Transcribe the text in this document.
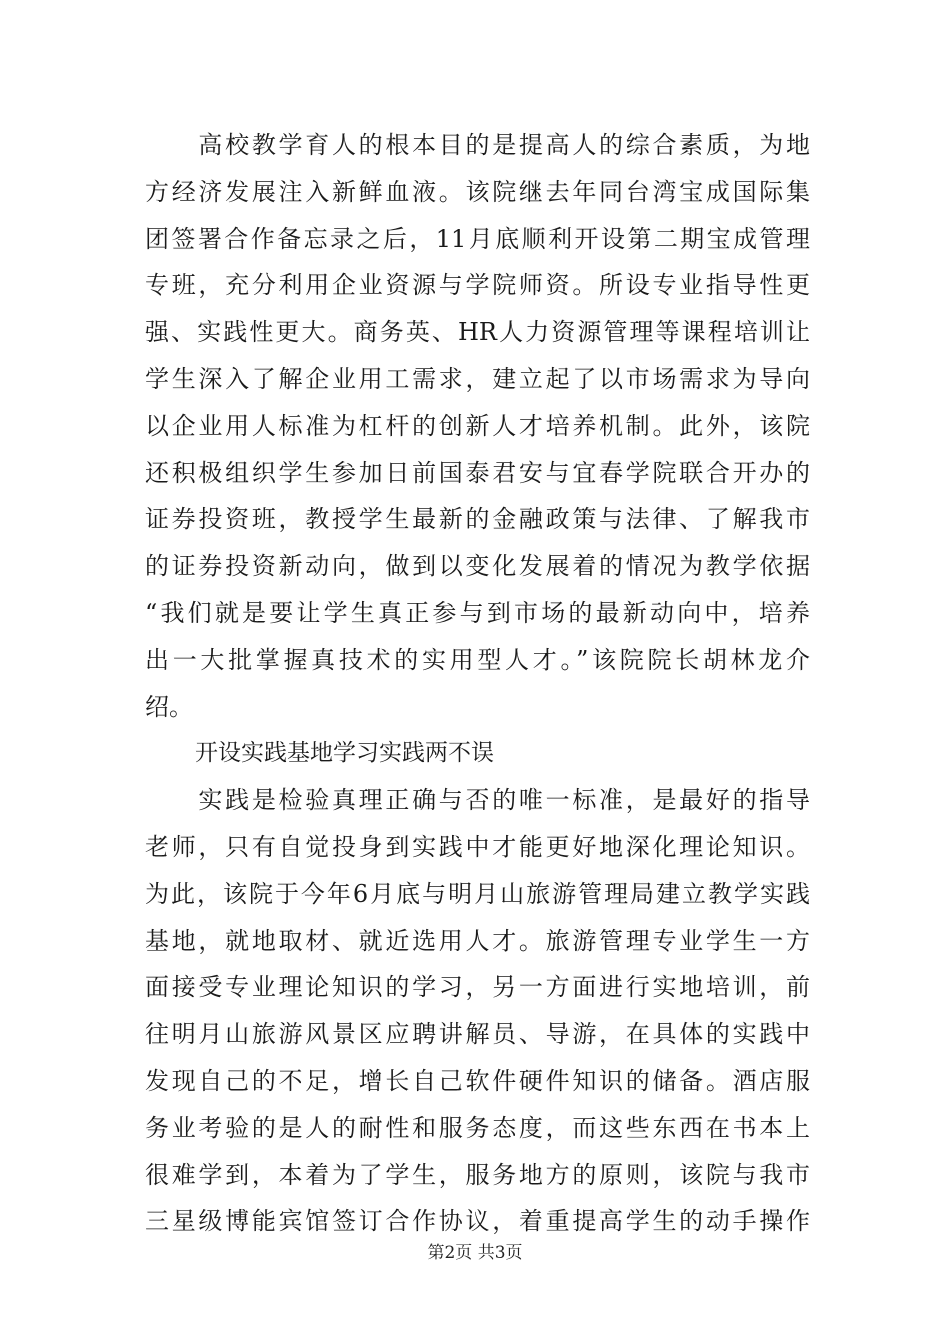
　　高校教学育人的根本目的是提高人的综合素质，为地
方经济发展注入新鲜血液。该院继去年同台湾宝成国际集
团签署合作备忘录之后，11月底顺利开设第二期宝成管理
专班，充分利用企业资源与学院师资。所设专业指导性更
强、实践性更大。商务英、HR人力资源管理等课程培训让
学生深入了解企业用工需求，建立起了以市场需求为导向
以企业用人标准为杠杆的创新人才培养机制。此外，该院
还积极组织学生参加日前国泰君安与宜春学院联合开办的
证券投资班，教授学生最新的金融政策与法律、了解我市
的证券投资新动向，做到以变化发展着的情况为教学依据
“我们就是要让学生真正参与到市场的最新动向中，培养
出一大批掌握真技术的实用型人才。”该院院长胡林龙介
绍。
开设实践基地学习实践两不误
　　实践是检验真理正确与否的唯一标准，是最好的指导
老师，只有自觉投身到实践中才能更好地深化理论知识。
为此，该院于今年6月底与明月山旅游管理局建立教学实践
基地，就地取材、就近选用人才。旅游管理专业学生一方
面接受专业理论知识的学习，另一方面进行实地培训，前
往明月山旅游风景区应聘讲解员、导游，在具体的实践中
发现自己的不足，增长自己软件硬件知识的储备。酒店服
务业考验的是人的耐性和服务态度，而这些东西在书本上
很难学到，本着为了学生，服务地方的原则，该院与我市
三星级博能宾馆签订合作协议，着重提高学生的动手操作
第2页 共3页
